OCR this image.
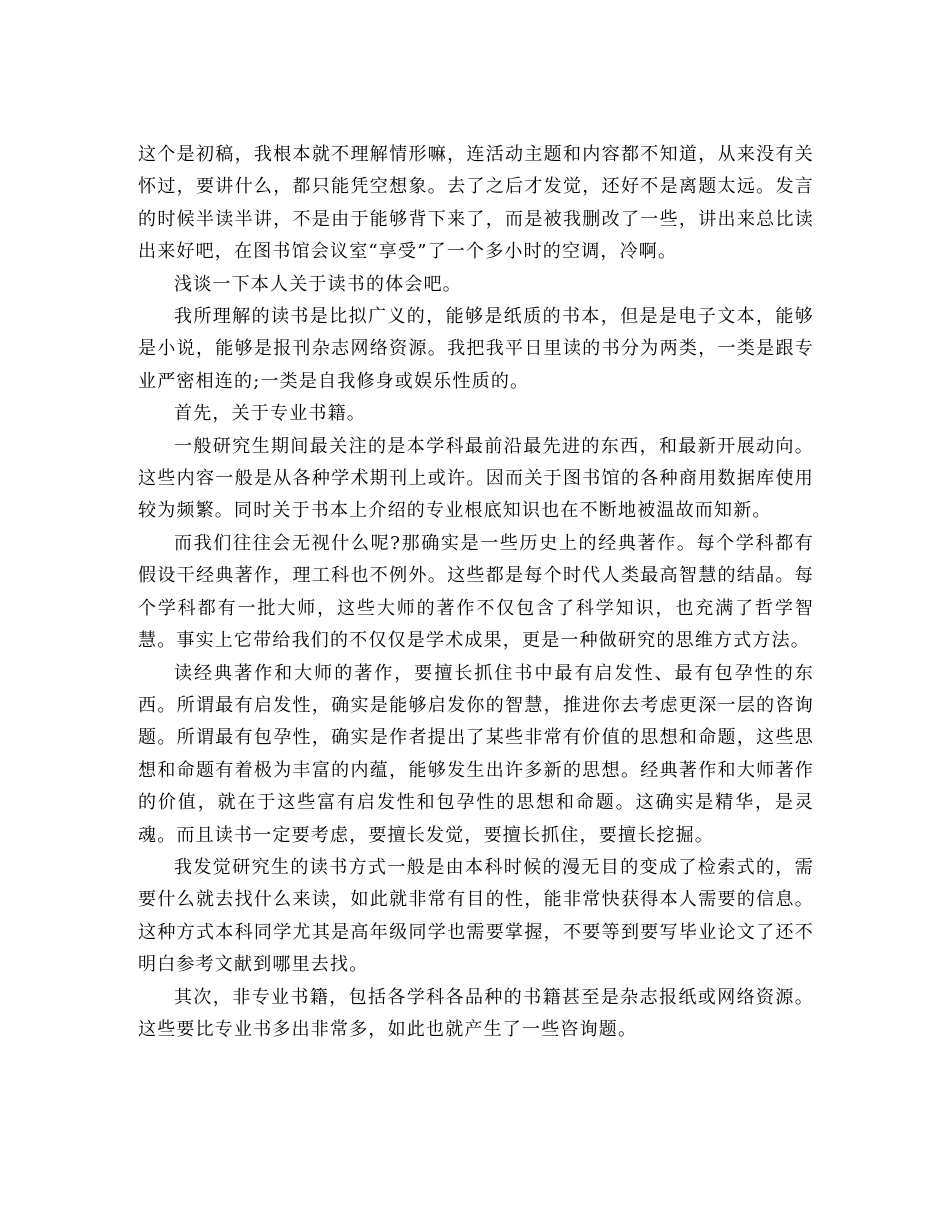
这个是初稿，我根本就不理解情形嘛，连活动主题和内容都不知道，从来没有关怀过，要讲什么，都只能凭空想象。去了之后才发觉，还好不是离题太远。发言的时候半读半讲，不是由于能够背下来了，而是被我删改了一些，讲出来总比读出来好吧，在图书馆会议室“享受”了一个多小时的空调，冷啊。

浅谈一下本人关于读书的体会吧。

我所理解的读书是比拟广义的，能够是纸质的书本，但是是电子文本，能够是小说，能够是报刊杂志网络资源。我把我平日里读的书分为两类，一类是跟专业严密相连的;一类是自我修身或娱乐性质的。

首先，关于专业书籍。

一般研究生期间最关注的是本学科最前沿最先进的东西，和最新开展动向。这些内容一般是从各种学术期刊上或许。因而关于图书馆的各种商用数据库使用较为频繁。同时关于书本上介绍的专业根底知识也在不断地被温故而知新。

而我们往往会无视什么呢?那确实是一些历史上的经典著作。每个学科都有假设干经典著作，理工科也不例外。这些都是每个时代人类最高智慧的结晶。每个学科都有一批大师，这些大师的著作不仅包含了科学知识，也充满了哲学智慧。事实上它带给我们的不仅仅是学术成果，更是一种做研究的思维方式方法。

读经典著作和大师的著作，要擅长抓住书中最有启发性、最有包孕性的东西。所谓最有启发性，确实是能够启发你的智慧，推进你去考虑更深一层的咨询题。所谓最有包孕性，确实是作者提出了某些非常有价值的思想和命题，这些思想和命题有着极为丰富的内蕴，能够发生出许多新的思想。经典著作和大师著作的价值，就在于这些富有启发性和包孕性的思想和命题。这确实是精华，是灵魂。而且读书一定要考虑，要擅长发觉，要擅长抓住，要擅长挖掘。

我发觉研究生的读书方式一般是由本科时候的漫无目的变成了检索式的，需要什么就去找什么来读，如此就非常有目的性，能非常快获得本人需要的信息。这种方式本科同学尤其是高年级同学也需要掌握，不要等到要写毕业论文了还不明白参考文献到哪里去找。

其次，非专业书籍，包括各学科各品种的书籍甚至是杂志报纸或网络资源。这些要比专业书多出非常多，如此也就产生了一些咨询题。
